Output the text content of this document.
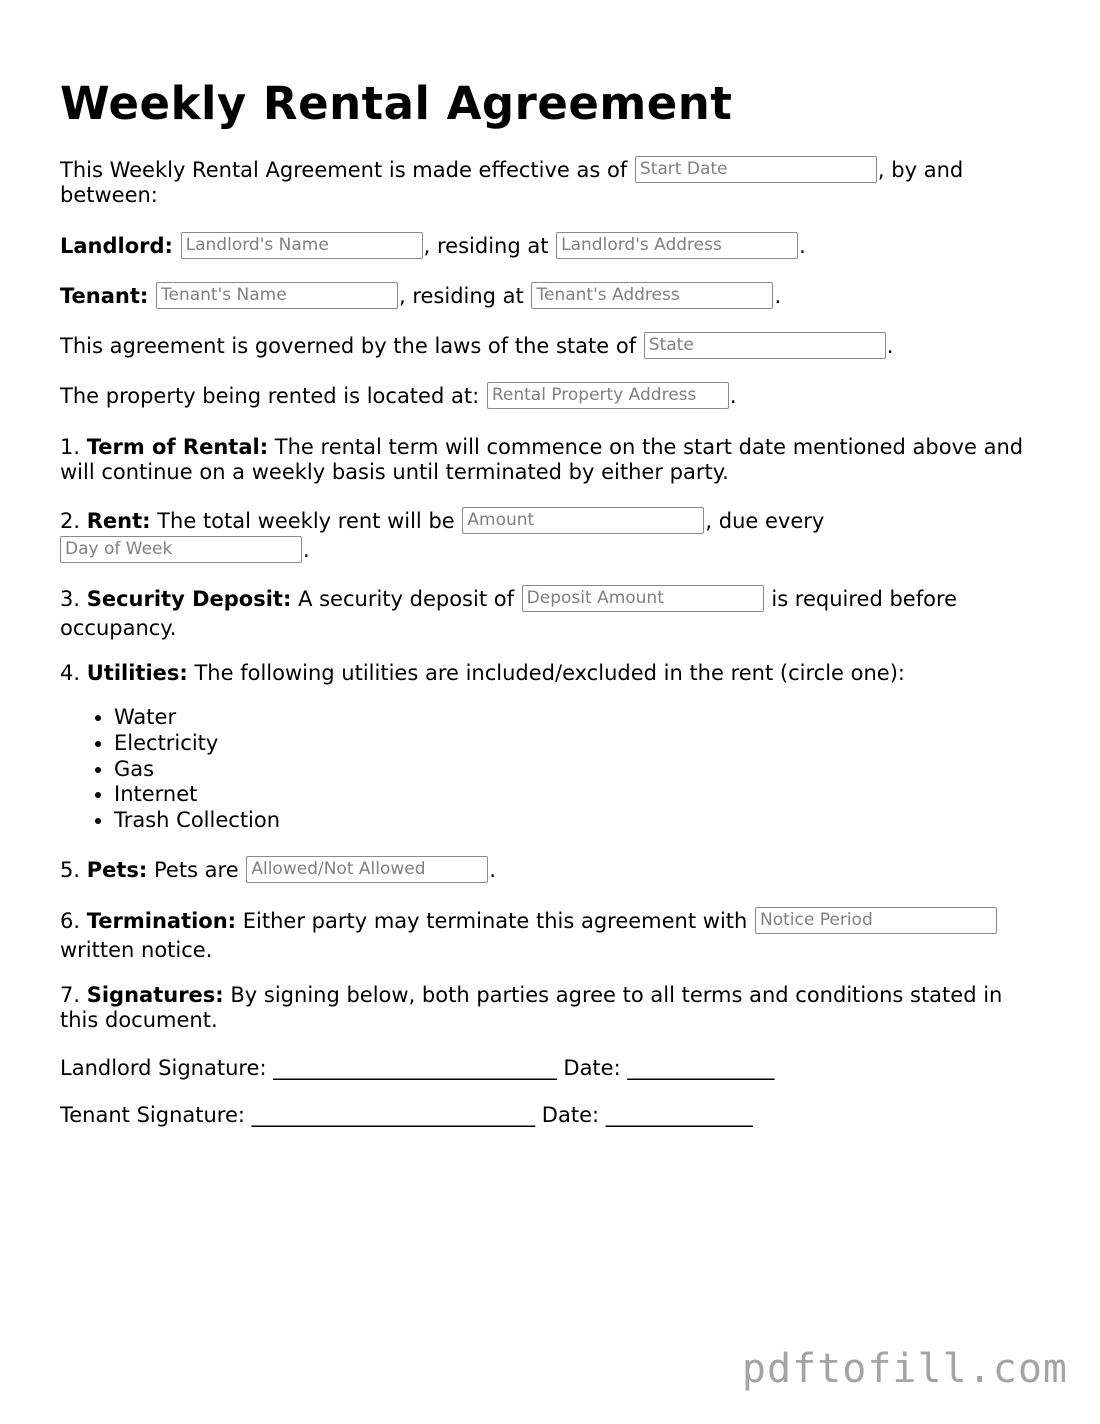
Weekly Rental Agreement

This Weekly Rental Agreement is made effective as of Start Date	, by and between:

Landlord: Landlord's Name	, residing at Landlord's Address	.

Tenant: Tenant's Name	, residing at Tenant's Address	.

This agreement is governed by the laws of the state of State	.

The property being rented is located at: Rental Property Address	.

1. Term of Rental: The rental term will commence on the start date mentioned above and will continue on a weekly basis until terminated by either party.

2. Rent: The total weekly rent will be Amount	, due every
Day of Week.

3. Security Deposit: A security deposit of Deposit Amount	is required before occupancy.

4. Utilities: The following utilities are included/excluded in the rent (circle one):

• Water
• Electricity
• Gas
• Internet
• Trash Collection

5. Pets: Pets are Allowed/Not Allowed	.

6. Termination: Either party may terminate this agreement with Notice Period
written notice.

7. Signatures: By signing below, both parties agree to all terms and conditions stated in this document.

Landlord Signature: ___________________________ Date: ______________

Tenant Signature: ___________________________ Date: ______________

pdftofill.com
